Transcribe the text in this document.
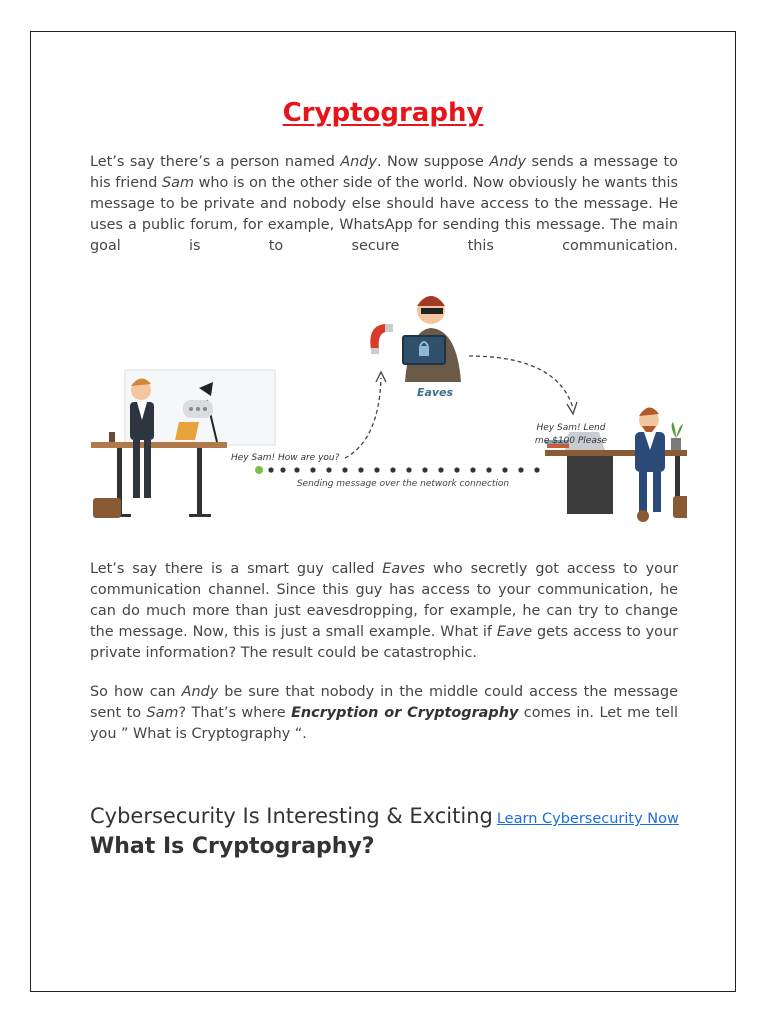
Cryptography
Let’s say there’s a person named Andy. Now suppose Andy sends a message to his friend Sam who is on the other side of the world. Now obviously he wants this message to be private and nobody else should have access to the message. He uses a public forum, for example, WhatsApp for sending this message. The main goal is to secure this communication.
Eaves
Hey Sam! How are you?
Hey Sam! Lend
me $100 Please
Sending message over the network connection
Let’s say there is a smart guy called Eaves who secretly got access to your communication channel. Since this guy has access to your communication, he can do much more than just eavesdropping, for example, he can try to change the message. Now, this is just a small example. What if Eave gets access to your private information? The result could be catastrophic.
So how can Andy be sure that nobody in the middle could access the message sent to Sam? That’s where Encryption or Cryptography comes in. Let me tell you ” What is Cryptography “.
Cybersecurity Is Interesting & Exciting Learn Cybersecurity Now
What Is Cryptography?
